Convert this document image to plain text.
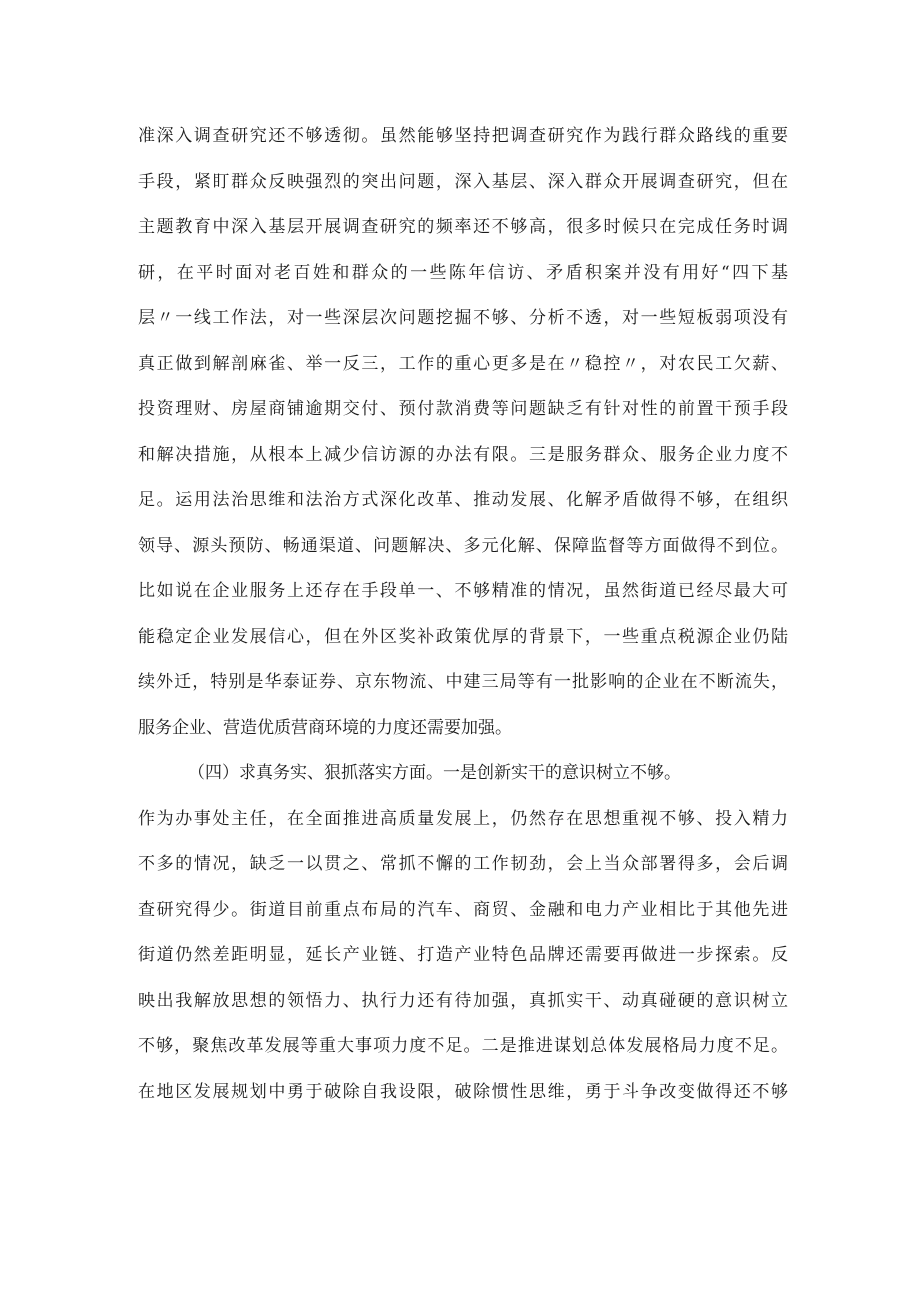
准深入调查研究还不够透彻。虽然能够坚持把调查研究作为践行群众路线的重要
手段，紧盯群众反映强烈的突出问题，深入基层、深入群众开展调查研究，但在
主题教育中深入基层开展调查研究的频率还不够高，很多时候只在完成任务时调
研，在平时面对老百姓和群众的一些陈年信访、矛盾积案并没有用好“四下基
层〃一线工作法，对一些深层次问题挖掘不够、分析不透，对一些短板弱项没有
真正做到解剖麻雀、举一反三，工作的重心更多是在〃稳控〃，对农民工欠薪、
投资理财、房屋商铺逾期交付、预付款消费等问题缺乏有针对性的前置干预手段
和解决措施，从根本上减少信访源的办法有限。三是服务群众、服务企业力度不
足。运用法治思维和法治方式深化改革、推动发展、化解矛盾做得不够，在组织
领导、源头预防、畅通渠道、问题解决、多元化解、保障监督等方面做得不到位。
比如说在企业服务上还存在手段单一、不够精准的情况，虽然街道已经尽最大可
能稳定企业发展信心，但在外区奖补政策优厚的背景下，一些重点税源企业仍陆
续外迁，特别是华泰证券、京东物流、中建三局等有一批影响的企业在不断流失，
服务企业、营造优质营商环境的力度还需要加强。
（四）求真务实、狠抓落实方面。一是创新实干的意识树立不够。
作为办事处主任，在全面推进高质量发展上，仍然存在思想重视不够、投入精力
不多的情况，缺乏一以贯之、常抓不懈的工作韧劲，会上当众部署得多，会后调
查研究得少。街道目前重点布局的汽车、商贸、金融和电力产业相比于其他先进
街道仍然差距明显，延长产业链、打造产业特色品牌还需要再做进一步探索。反
映出我解放思想的领悟力、执行力还有待加强，真抓实干、动真碰硬的意识树立
不够，聚焦改革发展等重大事项力度不足。二是推进谋划总体发展格局力度不足。
在地区发展规划中勇于破除自我设限，破除惯性思维，勇于斗争改变做得还不够
